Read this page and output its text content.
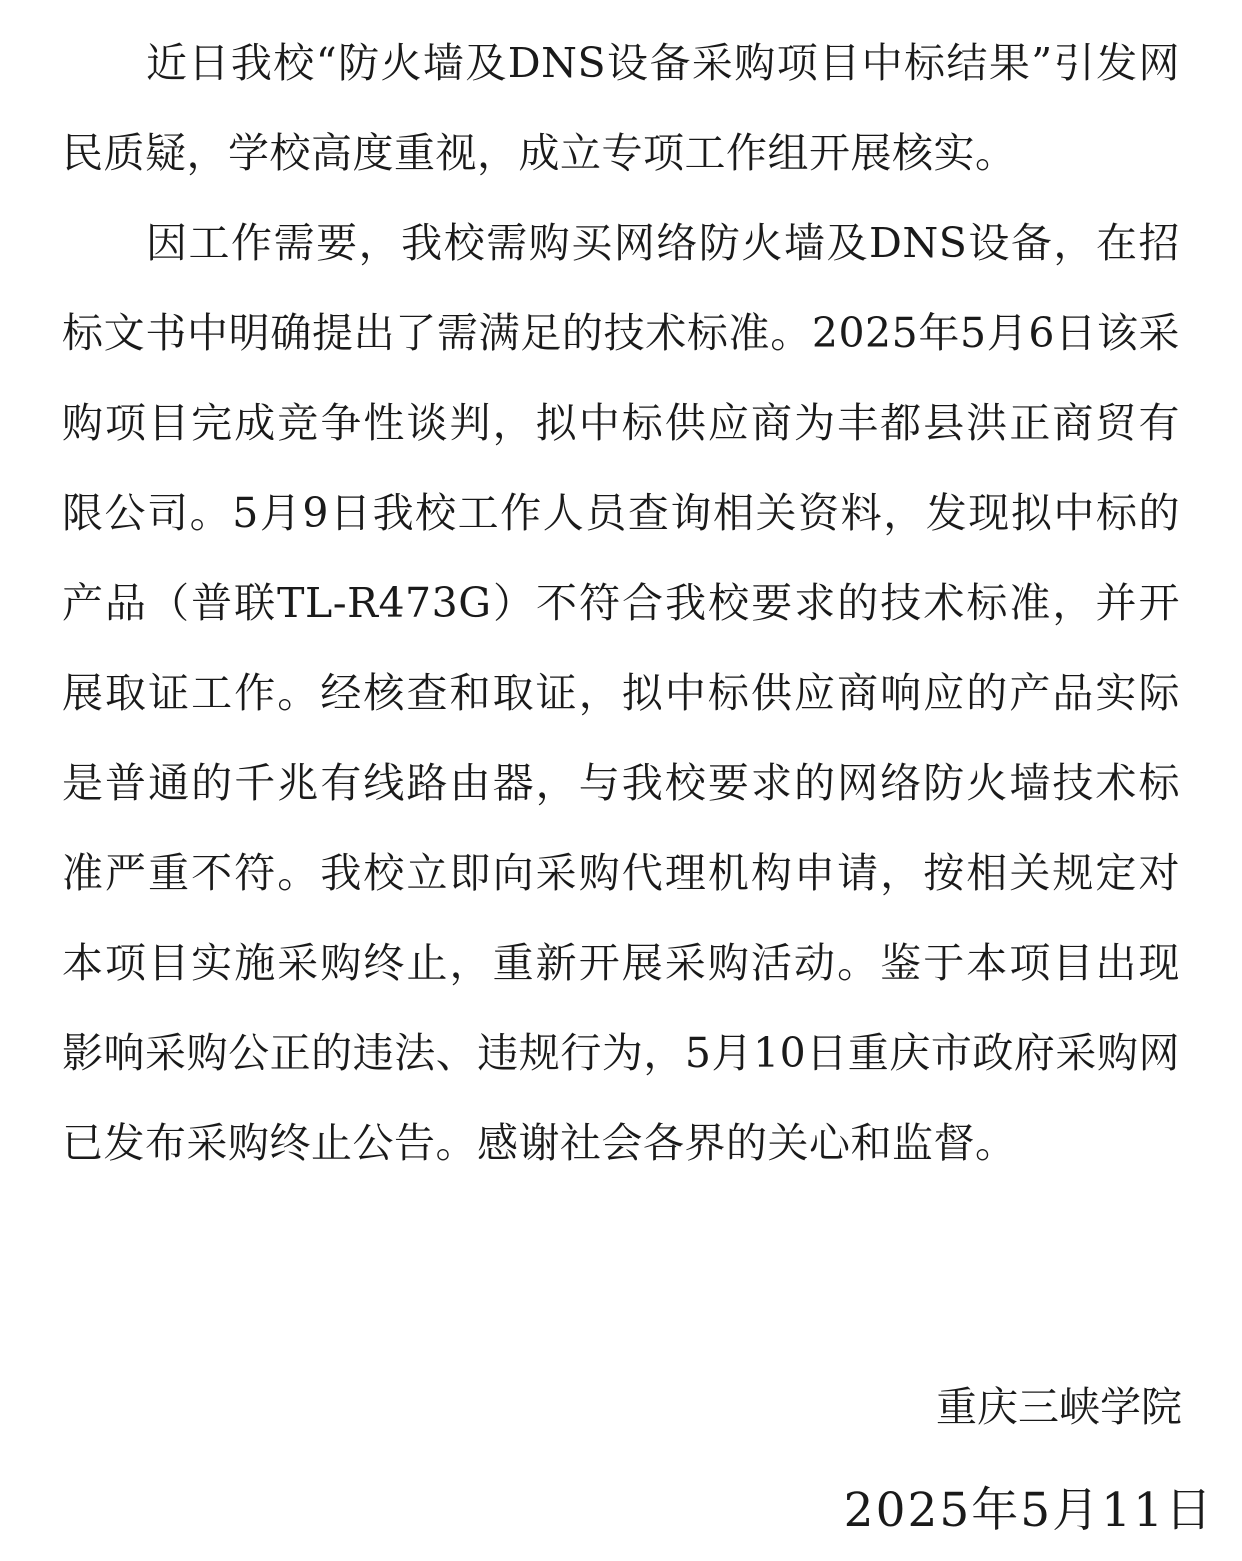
近日我校“防火墙及DNS设备采购项目中标结果”引发网民质疑，学校高度重视，成立专项工作组开展核实。

因工作需要，我校需购买网络防火墙及DNS设备，在招标文书中明确提出了需满足的技术标准。2025年5月6日该采购项目完成竞争性谈判，拟中标供应商为丰都县洪正商贸有限公司。5月9日我校工作人员查询相关资料，发现拟中标的产品（普联TL-R473G）不符合我校要求的技术标准，并开展取证工作。经核查和取证，拟中标供应商响应的产品实际是普通的千兆有线路由器，与我校要求的网络防火墙技术标准严重不符。我校立即向采购代理机构申请，按相关规定对本项目实施采购终止，重新开展采购活动。鉴于本项目出现影响采购公正的违法、违规行为，5月10日重庆市政府采购网已发布采购终止公告。感谢社会各界的关心和监督。

重庆三峡学院
2025年5月11日
